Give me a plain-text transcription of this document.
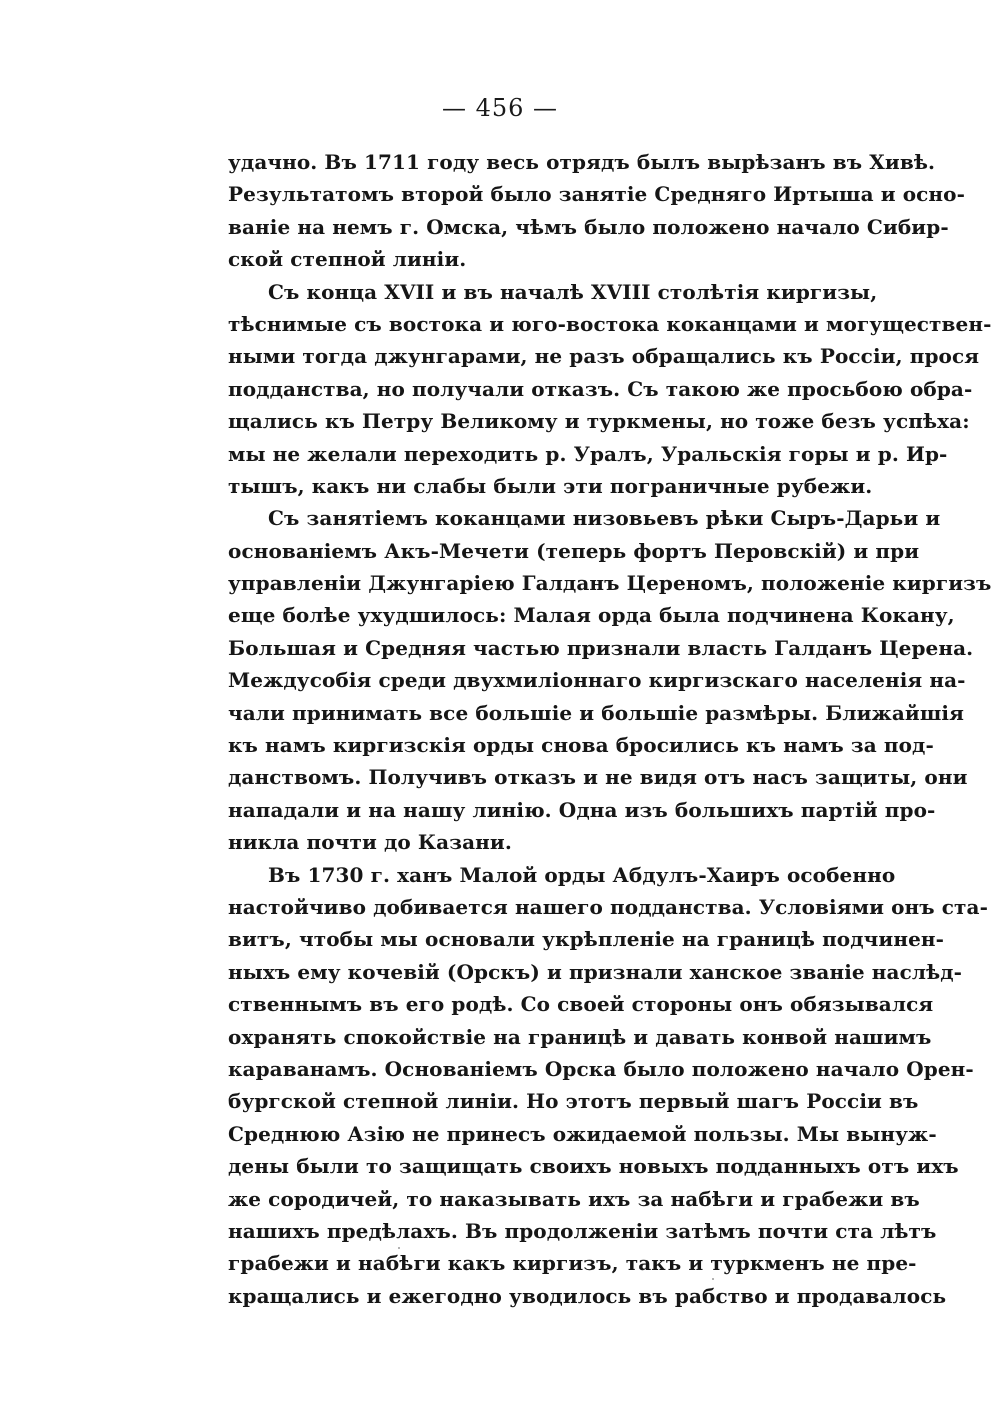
— 456 —
удачно. Въ 1711 году весь отрядъ былъ вырѣзанъ въ Хивѣ.
Результатомъ второй было занятіе Средняго Иртыша и осно-
ваніе на немъ г. Омска, чѣмъ было положено начало Сибир-
ской степной линіи.
Съ конца XVII и въ началѣ XVIII столѣтія киргизы,
тѣснимые съ востока и юго-востока коканцами и могуществен-
ными тогда джунгарами, не разъ обращались къ Россіи, прося
подданства, но получали отказъ. Съ такою же просьбою обра-
щались къ Петру Великому и туркмены, но тоже безъ успѣха:
мы не желали переходить р. Уралъ, Уральскія горы и р. Ир-
тышъ, какъ ни слабы были эти пограничные рубежи.
Съ занятіемъ коканцами низовьевъ рѣки Сыръ-Дарьи и
основаніемъ Акъ-Мечети (теперь фортъ Перовскій) и при
управленіи Джунгаріею Галданъ Цереномъ, положеніе киргизъ
еще болѣе ухудшилось: Малая орда была подчинена Кокану,
Большая и Средняя частью признали власть Галданъ Церена.
Междусобія среди двухмиліоннаго киргизскаго населенія на-
чали принимать все большіе и большіе размѣры. Ближайшія
къ намъ киргизскія орды снова бросились къ намъ за под-
данствомъ. Получивъ отказъ и не видя отъ насъ защиты, они
нападали и на нашу линію. Одна изъ большихъ партій про-
никла почти до Казани.
Въ 1730 г. ханъ Малой орды Абдулъ-Хаиръ особенно
настойчиво добивается нашего подданства. Условіями онъ ста-
витъ, чтобы мы основали укрѣпленіе на границѣ подчинен-
ныхъ ему кочевій (Орскъ) и признали ханское званіе наслѣд-
ственнымъ въ его родѣ. Со своей стороны онъ обязывался
охранять спокойствіе на границѣ и давать конвой нашимъ
караванамъ. Основаніемъ Орска было положено начало Орен-
бургской степной линіи. Но этотъ первый шагъ Россіи въ
Среднюю Азію не принесъ ожидаемой пользы. Мы вынуж-
дены были то защищать своихъ новыхъ подданныхъ отъ ихъ
же сородичей, то наказывать ихъ за набѣги и грабежи въ
нашихъ предѣлахъ. Въ продолженіи затѣмъ почти ста лѣтъ
грабежи и набѣги какъ киргизъ, такъ и туркменъ не пре-
кращались и ежегодно уводилось въ рабство и продавалось
